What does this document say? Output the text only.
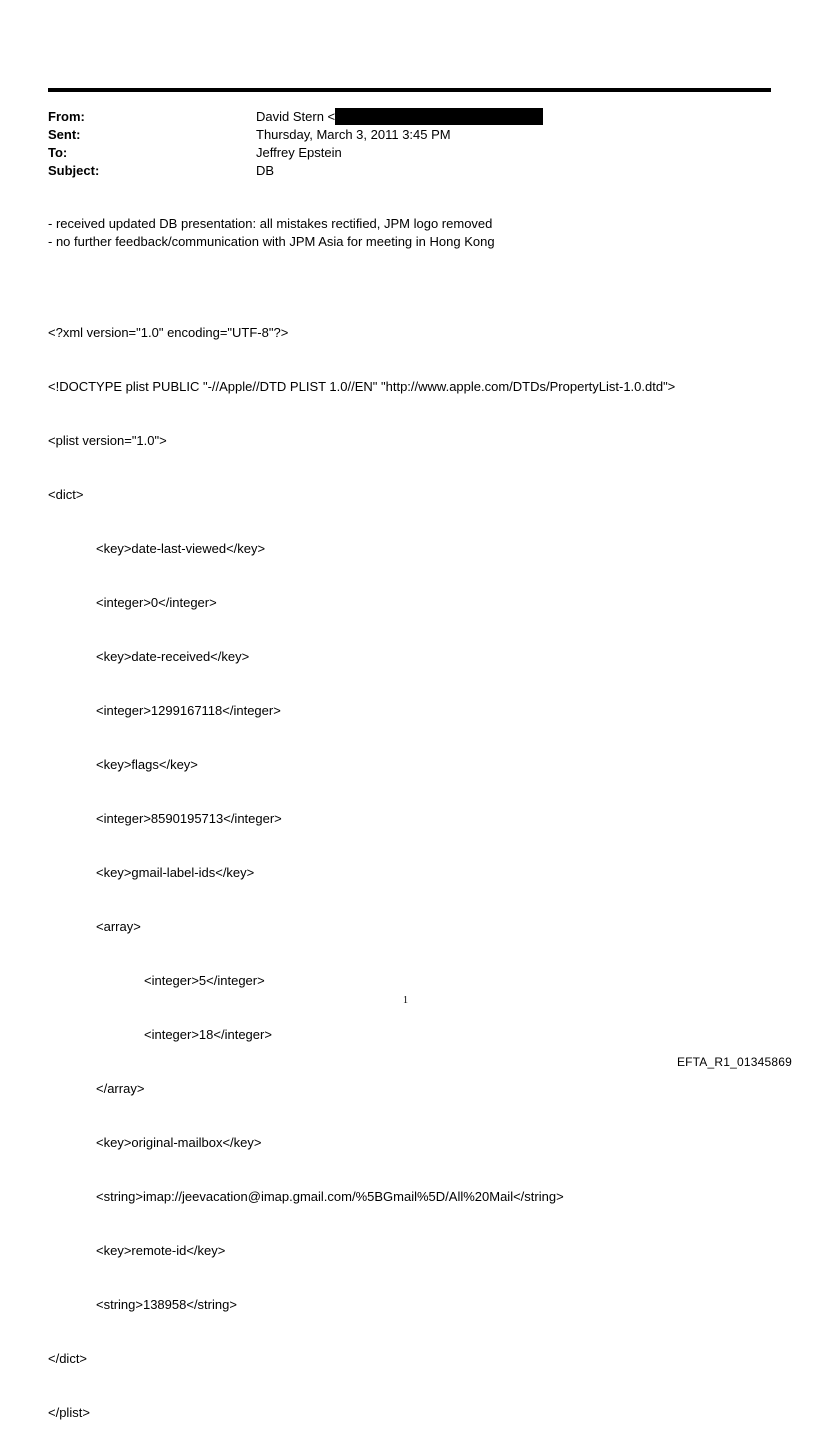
From:	David Stern <
Sent:	Thursday, March 3, 2011 3:45 PM
To:	Jeffrey Epstein
Subject:	DB
- received updated DB presentation: all mistakes rectified, JPM logo removed
- no further feedback/communication with JPM Asia for meeting in Hong Kong

<?xml version="1.0" encoding="UTF-8"?>

<!DOCTYPE plist PUBLIC "-//Apple//DTD PLIST 1.0//EN" "http://www.apple.com/DTDs/PropertyList-1.0.dtd">

<plist version="1.0">

<dict>

<key>date-last-viewed</key>

<integer>0</integer>

<key>date-received</key>

<integer>1299167118</integer>

<key>flags</key>

<integer>8590195713</integer>

<key>gmail-label-ids</key>

<array>

<integer>5</integer>

<integer>18</integer>

</array>

<key>original-mailbox</key>

<string>imap://jeevacation@imap.gmail.com/%5BGmail%5D/All%20Mail</string>

<key>remote-id</key>

<string>138958</string>

</dict>

</plist>

1
EFTA_R1_01345869
